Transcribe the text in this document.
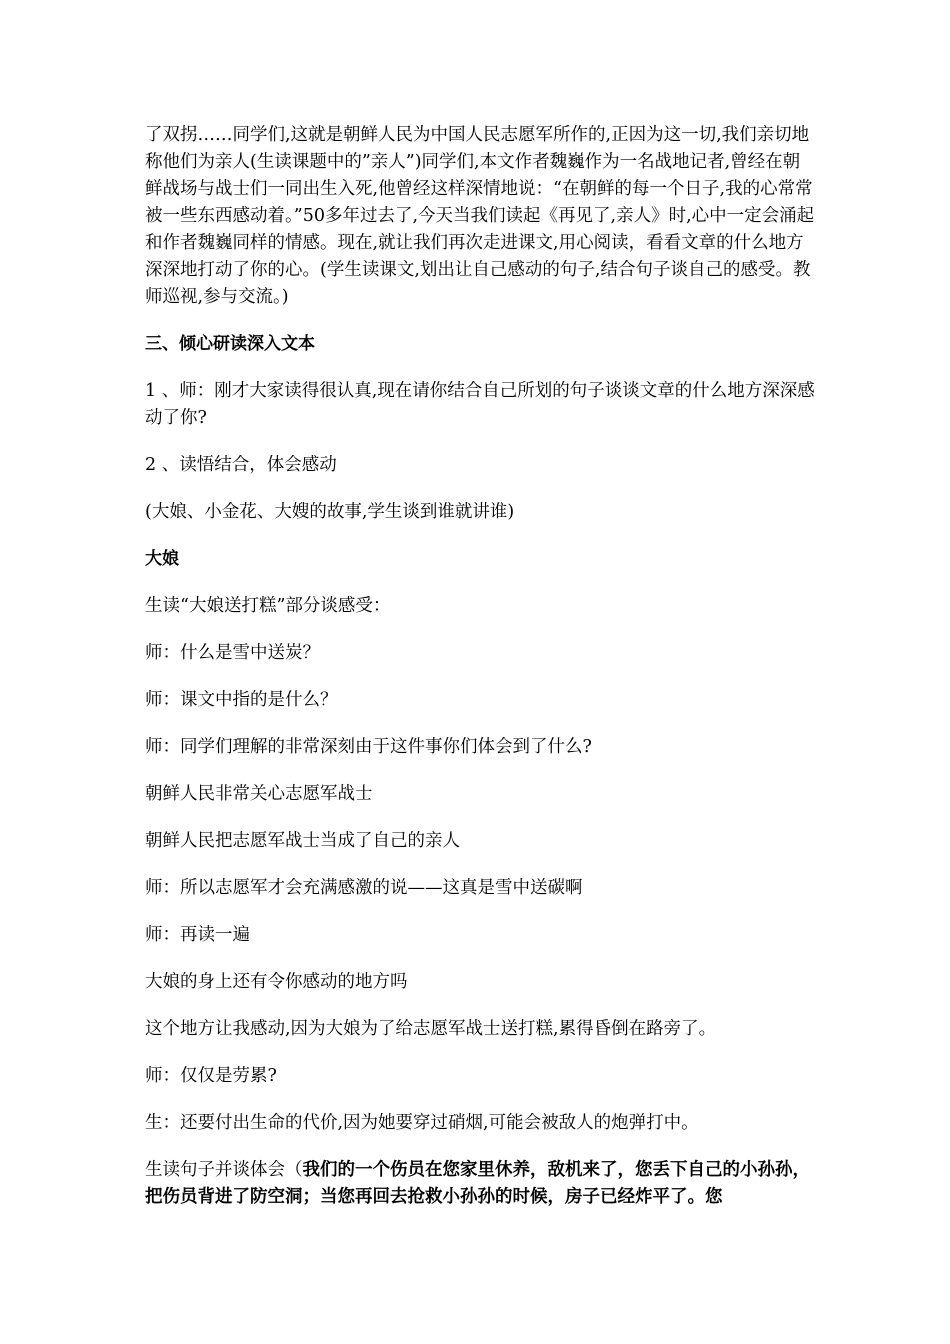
了双拐……同学们,这就是朝鲜人民为中国人民志愿军所作的,正因为这一切,我们亲切地称他们为亲人(生读课题中的”亲人”)同学们,本文作者魏巍作为一名战地记者,曾经在朝鲜战场与战士们一同出生入死,他曾经这样深情地说：“在朝鲜的每一个日子,我的心常常被一些东西感动着。”50多年过去了,今天当我们读起《再见了,亲人》时,心中一定会涌起和作者魏巍同样的情感。现在,就让我们再次走进课文,用心阅读，看看文章的什么地方深深地打动了你的心。(学生读课文,划出让自己感动的句子,结合句子谈自己的感受。教师巡视,参与交流。)

三、倾心研读深入文本

1 、师：刚才大家读得很认真,现在请你结合自己所划的句子谈谈文章的什么地方深深感动了你?

2 、读悟结合，体会感动

(大娘、小金花、大嫂的故事,学生谈到谁就讲谁)

大娘

生读“大娘送打糕”部分谈感受：

师：什么是雪中送炭？

师：课文中指的是什么？

师：同学们理解的非常深刻由于这件事你们体会到了什么?

朝鲜人民非常关心志愿军战士

朝鲜人民把志愿军战士当成了自己的亲人

师：所以志愿军才会充满感激的说——这真是雪中送碳啊

师：再读一遍

大娘的身上还有令你感动的地方吗

这个地方让我感动,因为大娘为了给志愿军战士送打糕,累得昏倒在路旁了。

师：仅仅是劳累?

生：还要付出生命的代价,因为她要穿过硝烟,可能会被敌人的炮弹打中。

生读句子并谈体会（我们的一个伤员在您家里休养，敌机来了，您丢下自己的小孙孙，把伤员背进了防空洞；当您再回去抢救小孙孙的时候，房子已经炸平了。您
